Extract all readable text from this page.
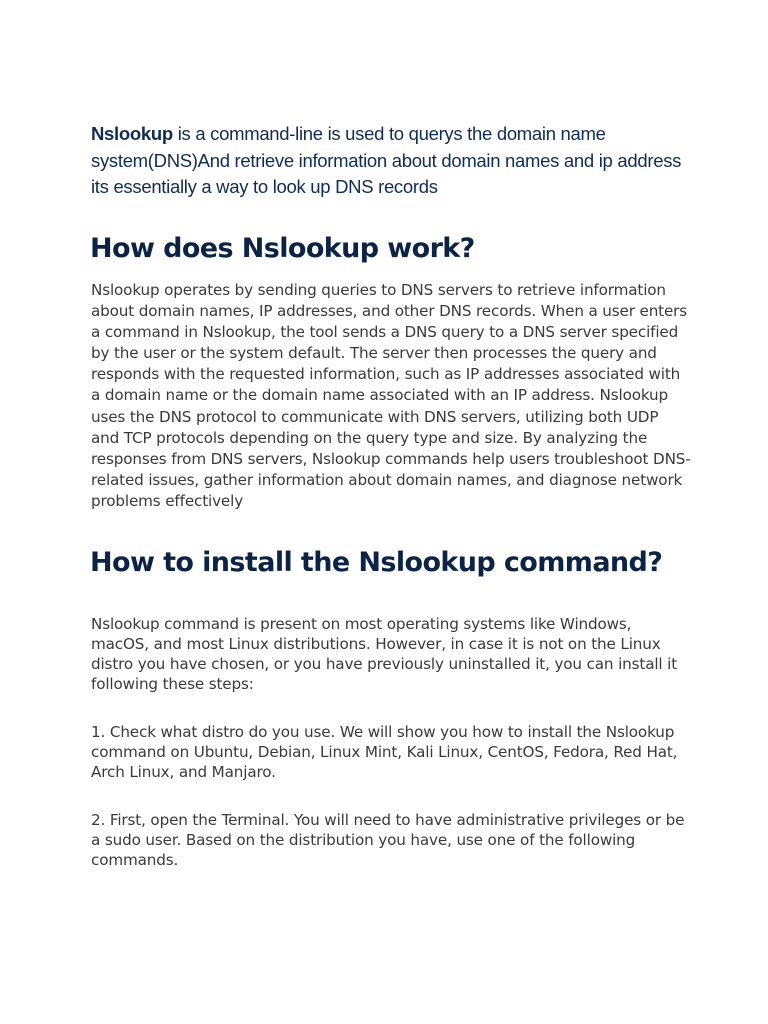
Nslookup is a command-line is used to querys the domain name system(DNS)And retrieve information about domain names and ip address its essentially a way to look up DNS records

How does Nslookup work?

Nslookup operates by sending queries to DNS servers to retrieve information about domain names, IP addresses, and other DNS records. When a user enters a command in Nslookup, the tool sends a DNS query to a DNS server specified by the user or the system default. The server then processes the query and responds with the requested information, such as IP addresses associated with a domain name or the domain name associated with an IP address. Nslookup uses the DNS protocol to communicate with DNS servers, utilizing both UDP and TCP protocols depending on the query type and size. By analyzing the responses from DNS servers, Nslookup commands help users troubleshoot DNS-related issues, gather information about domain names, and diagnose network problems effectively

How to install the Nslookup command?

Nslookup command is present on most operating systems like Windows, macOS, and most Linux distributions. However, in case it is not on the Linux distro you have chosen, or you have previously uninstalled it, you can install it following these steps:

1. Check what distro do you use. We will show you how to install the Nslookup command on Ubuntu, Debian, Linux Mint, Kali Linux, CentOS, Fedora, Red Hat, Arch Linux, and Manjaro.

2. First, open the Terminal. You will need to have administrative privileges or be a sudo user. Based on the distribution you have, use one of the following commands.
